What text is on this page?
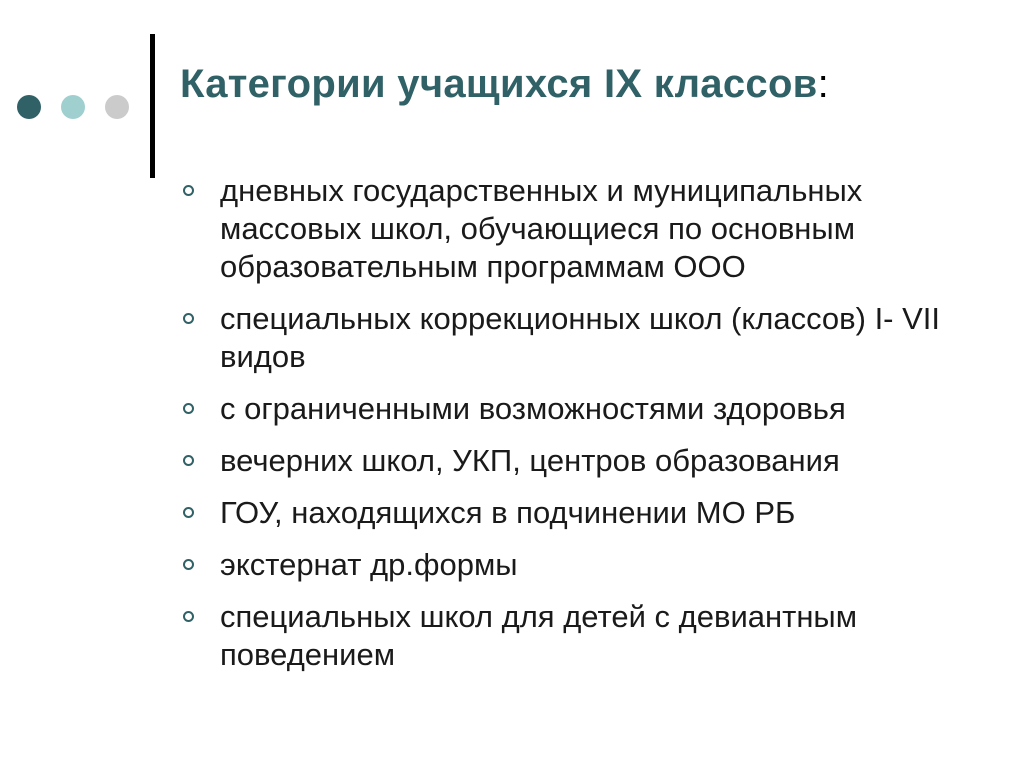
Категории учащихся IX классов:
дневных государственных и муниципальных массовых школ, обучающиеся по основным образовательным программам ООО
специальных коррекционных школ (классов) I- VII видов
с ограниченными возможностями здоровья
вечерних школ, УКП, центров образования
ГОУ, находящихся в подчинении МО РБ
экстернат др.формы
специальных школ для детей с девиантным поведением
